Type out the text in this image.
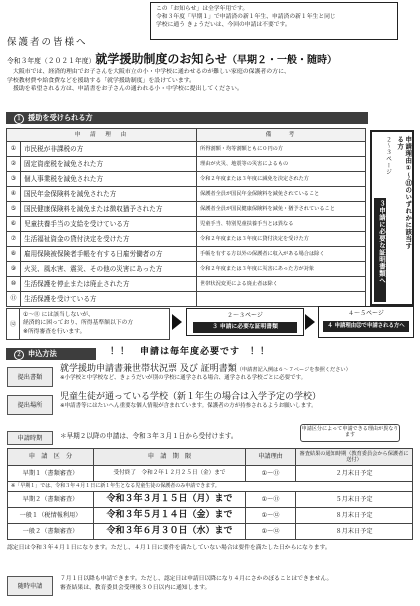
この「お知らせ」は全学年用です。
令和３年度「早期１」で申請済の新１年生、申請済の新１年生と同じ
学校に通う きょうだいは、今回の申請は不要です。
保護者の皆様へ
令和３年度（２０２１年度）就学援助制度のお知らせ（早期２・一般・随時）
大阪市では、経済的理由でお子さんを大阪市立の小・中学校に通わせるのが難しい家庭の保護者の方に、
学校教材費や給食費などを援助する「就学援助制度」を設けています。
援助を希望される方は、申請書をお子さんの通われる小・中学校に提出してください。
１ 援助を受けられる方
申　請　理　由		備　　考
①	市民税が非課税の方	所得割額・均等割額ともに０円の方
②	固定資産税を減免された方	理由が火災、地震等の災害によるもの
③	個人事業税を減免された方	令和２年度または３年度に減免を決定された方
④	国民年金保険料を減免された方	保護者全員が国民年金保険料を減免されていること
⑤	国民健康保険料を減免または徴収猶予された方	保護者全員が国民健康保険料を減免・猶予されていること
⑥	児童扶養手当の支給を受けている方	児童手当、特別児童扶養手当とは異なる
⑦	生活福祉資金の貸付決定を受けた方	令和２年度または３年度に貸付決定を受けた方
⑧	雇用保険被保険者手帳を有する日雇労働者の方	手帳を有する方以外の保護者に収入がある場合は除く
⑨	火災、風水害、震災、その他の災害にあった方	令和２年度または３年度に災害にあった方が対象
⑩	生活保護を停止または廃止された方	世帯状況変更による廃止者は除く
⑪	生活保護を受けている方	
申請理由①〜⑪のいずれかに該当する方
２〜３ページ
３申請に必要な証明書類へ
⑫
①〜⑪ には該当しないが、
経済的に困っており、所得基準額以下の方
※所得審査を行います。
２〜３ページ
３ 申請に必要な証明書類
４〜５ページ
４ 申請理由⑫で申請される方へ
２ 申込方法	！！　申請は毎年度必要です　！！
提出書類
就学援助申請書兼世帯状況票 及び 証明書類（申請書記入例は６〜７ページを参照ください）
※小学校と中学校など、きょうだいが別の学校に通学される場合、通学される学校ごとに必要です。
提出場所
児童生徒が通っている学校（新１年生の場合は入学予定の学校）
※申請書等にはたいへん重要な個人情報が含まれています。保護者の方が持参されるようお願いします。
申請時期	＊早期２以降の申請は、令和３年３月１日から受付けます。
申請区分によって申請できる理由が異なります
申　請　区　分	申　請　期　限	申請理由	審査結果の通知時期（教育委員会から保護者に送付）
早期１（書類審査）	受付終了　令和２年１２月２５日（金）まで	①〜⑪	２月末日予定
※「早期１」では、令和３年４月１日に新１年生となる児童生徒の保護者のみ申請できます。			
早期２（書類審査）	令和３年３月１５日（月）まで	①〜⑪	５月末日予定
一般１（税情報利用）	令和３年５月１４日（金）まで	①〜⑫	８月末日予定
一般２（書類審査）	令和３年６月３０日（水）まで	①〜⑫	８月末日予定
認定日は令和３年４月１日になります。ただし、４月１日に要件を満たしていない場合は要件を満たした日からになります。
随時申請
７月１日以降も申請できます。ただし、認定日は申請日以降になり４月にさかのぼることはできません。
審査結果は、教育委員会受理後３０日以内に通知します。
